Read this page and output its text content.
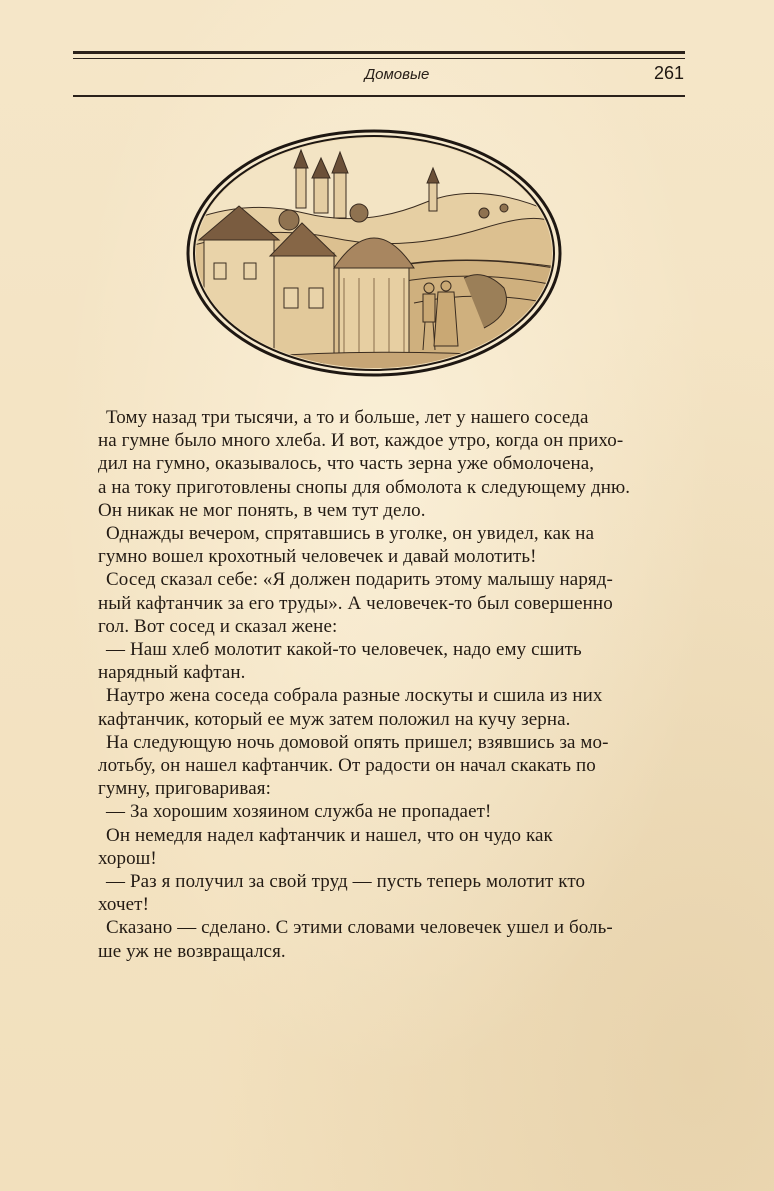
Домовые	261

Тому назад три тысячи, а то и больше, лет у нашего соседа
на гумне было много хлеба. И вот, каждое утро, когда он прихо-
дил на гумно, оказывалось, что часть зерна уже обмолочена,
а на току приготовлены снопы для обмолота к следующему дню.
Он никак не мог понять, в чем тут дело.

Однажды вечером, спрятавшись в уголке, он увидел, как на
гумно вошел крохотный человечек и давай молотить!

Сосед сказал себе: «Я должен подарить этому малышу наряд-
ный кафтанчик за его труды». А человечек-то был совершенно
гол. Вот сосед и сказал жене:

— Наш хлеб молотит какой-то человечек, надо ему сшить
нарядный кафтан.

Наутро жена соседа собрала разные лоскуты и сшила из них
кафтанчик, который ее муж затем положил на кучу зерна.

На следующую ночь домовой опять пришел; взявшись за мо-
лотьбу, он нашел кафтанчик. От радости он начал скакать по
гумну, приговаривая:

— За хорошим хозяином служба не пропадает!

Он немедля надел кафтанчик и нашел, что он чудо как
хорош!

— Раз я получил за свой труд — пусть теперь молотит кто
хочет!

Сказано — сделано. С этими словами человечек ушел и боль-
ше уж не возвращался.
